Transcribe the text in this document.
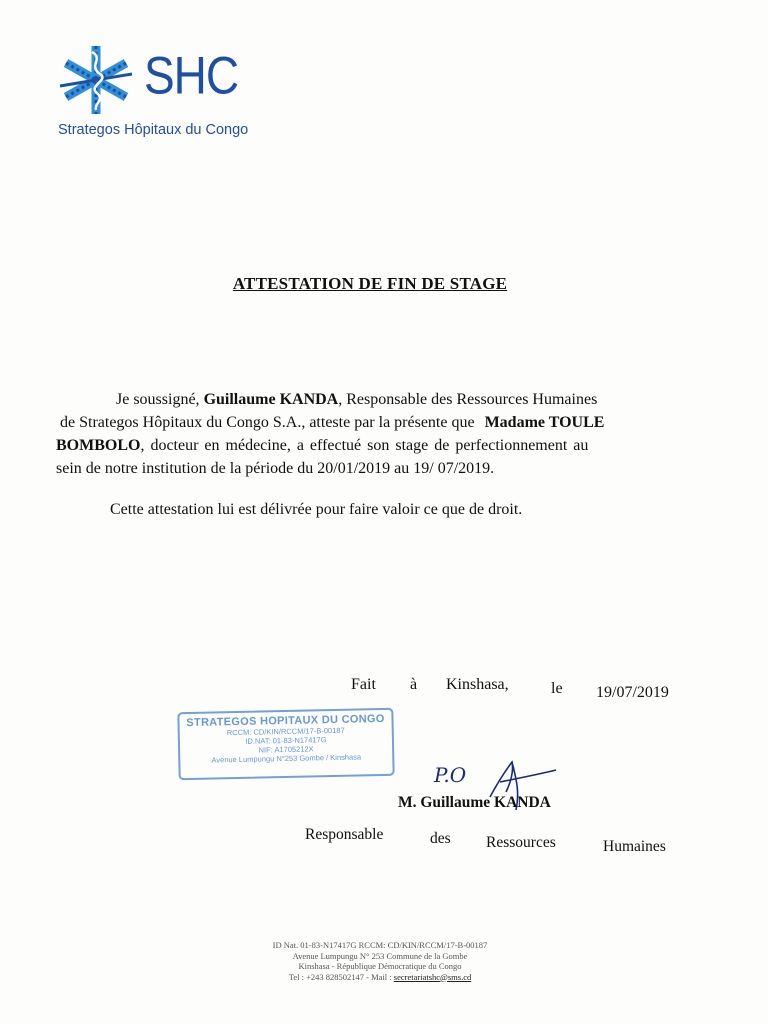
SHC
Strategos Hôpitaux du Congo
ATTESTATION DE FIN DE STAGE
Je soussigné, Guillaume KANDA, Responsable des Ressources Humaines
de Strategos Hôpitaux du Congo S.A., atteste par la présente que Madame TOULE
BOMBOLO, docteur en médecine, a effectué son stage de perfectionnement au
sein de notre institution de la période du 20/01/2019 au 19/ 07/2019.
Cette attestation lui est délivrée pour faire valoir ce que de droit.
Fait à Kinshasa,	le 19/07/2019
STRATEGOS HOPITAUX DU CONGO
RCCM: CD/KIN/RCCM/17-B-00187
ID.NAT: 01-83-N17417G
NIF: A1705212X
Avenue Lumpungu N°253 Gombe / Kinshasa
P.O
M. Guillaume KANDA
Responsable	des Ressources	Humaines
ID Nat. 01-83-N17417G RCCM: CD/KIN/RCCM/17-B-00187
Avenue Lumpungu N° 253 Commune de la Gombe
Kinshasa - République Démocratique du Congo
Tel : +243 828502147 - Mail : secretariatshc@sms.cd
